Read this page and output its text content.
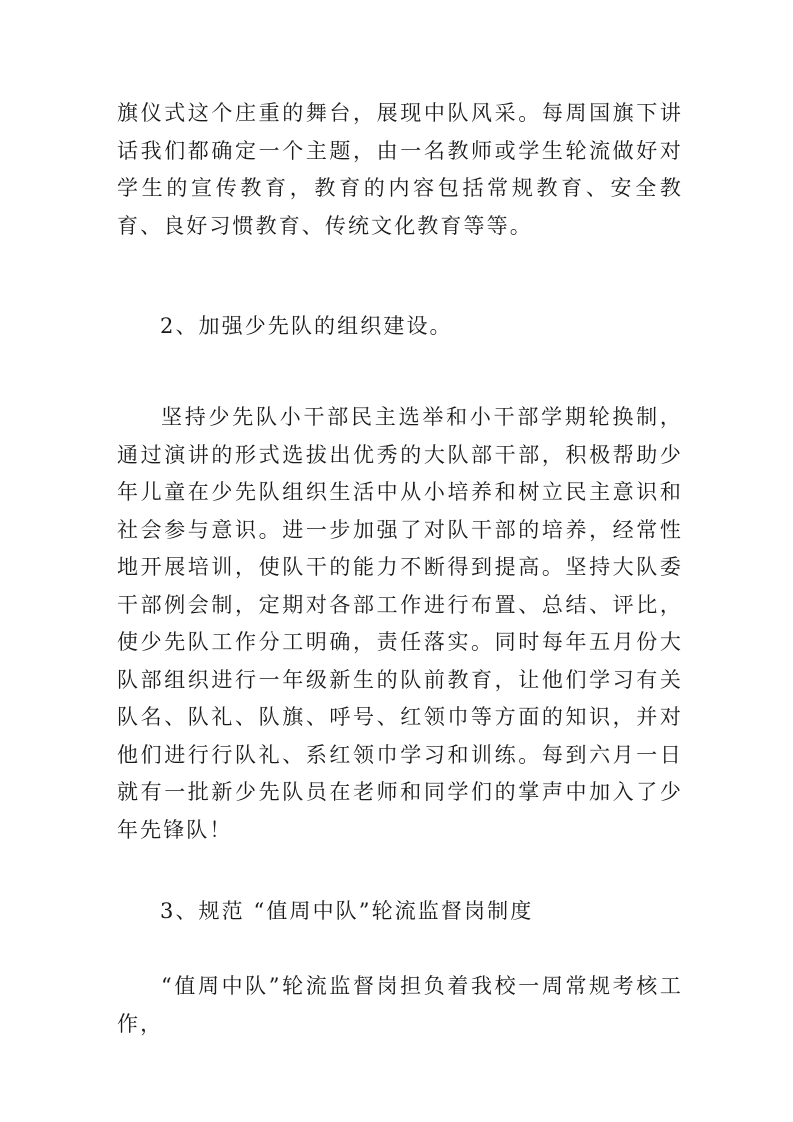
旗仪式这个庄重的舞台，展现中队风采。每周国旗下讲话我们都确定一个主题，由一名教师或学生轮流做好对学生的宣传教育，教育的内容包括常规教育、安全教育、良好习惯教育、传统文化教育等等。

2、加强少先队的组织建设。

坚持少先队小干部民主选举和小干部学期轮换制，通过演讲的形式选拔出优秀的大队部干部，积极帮助少年儿童在少先队组织生活中从小培养和树立民主意识和社会参与意识。进一步加强了对队干部的培养，经常性地开展培训，使队干的能力不断得到提高。坚持大队委干部例会制，定期对各部工作进行布置、总结、评比，使少先队工作分工明确，责任落实。同时每年五月份大队部组织进行一年级新生的队前教育，让他们学习有关队名、队礼、队旗、呼号、红领巾等方面的知识，并对他们进行行队礼、系红领巾学习和训练。每到六月一日就有一批新少先队员在老师和同学们的掌声中加入了少年先锋队！

3、规范 “值周中队”轮流监督岗制度

“值周中队”轮流监督岗担负着我校一周常规考核工作，
